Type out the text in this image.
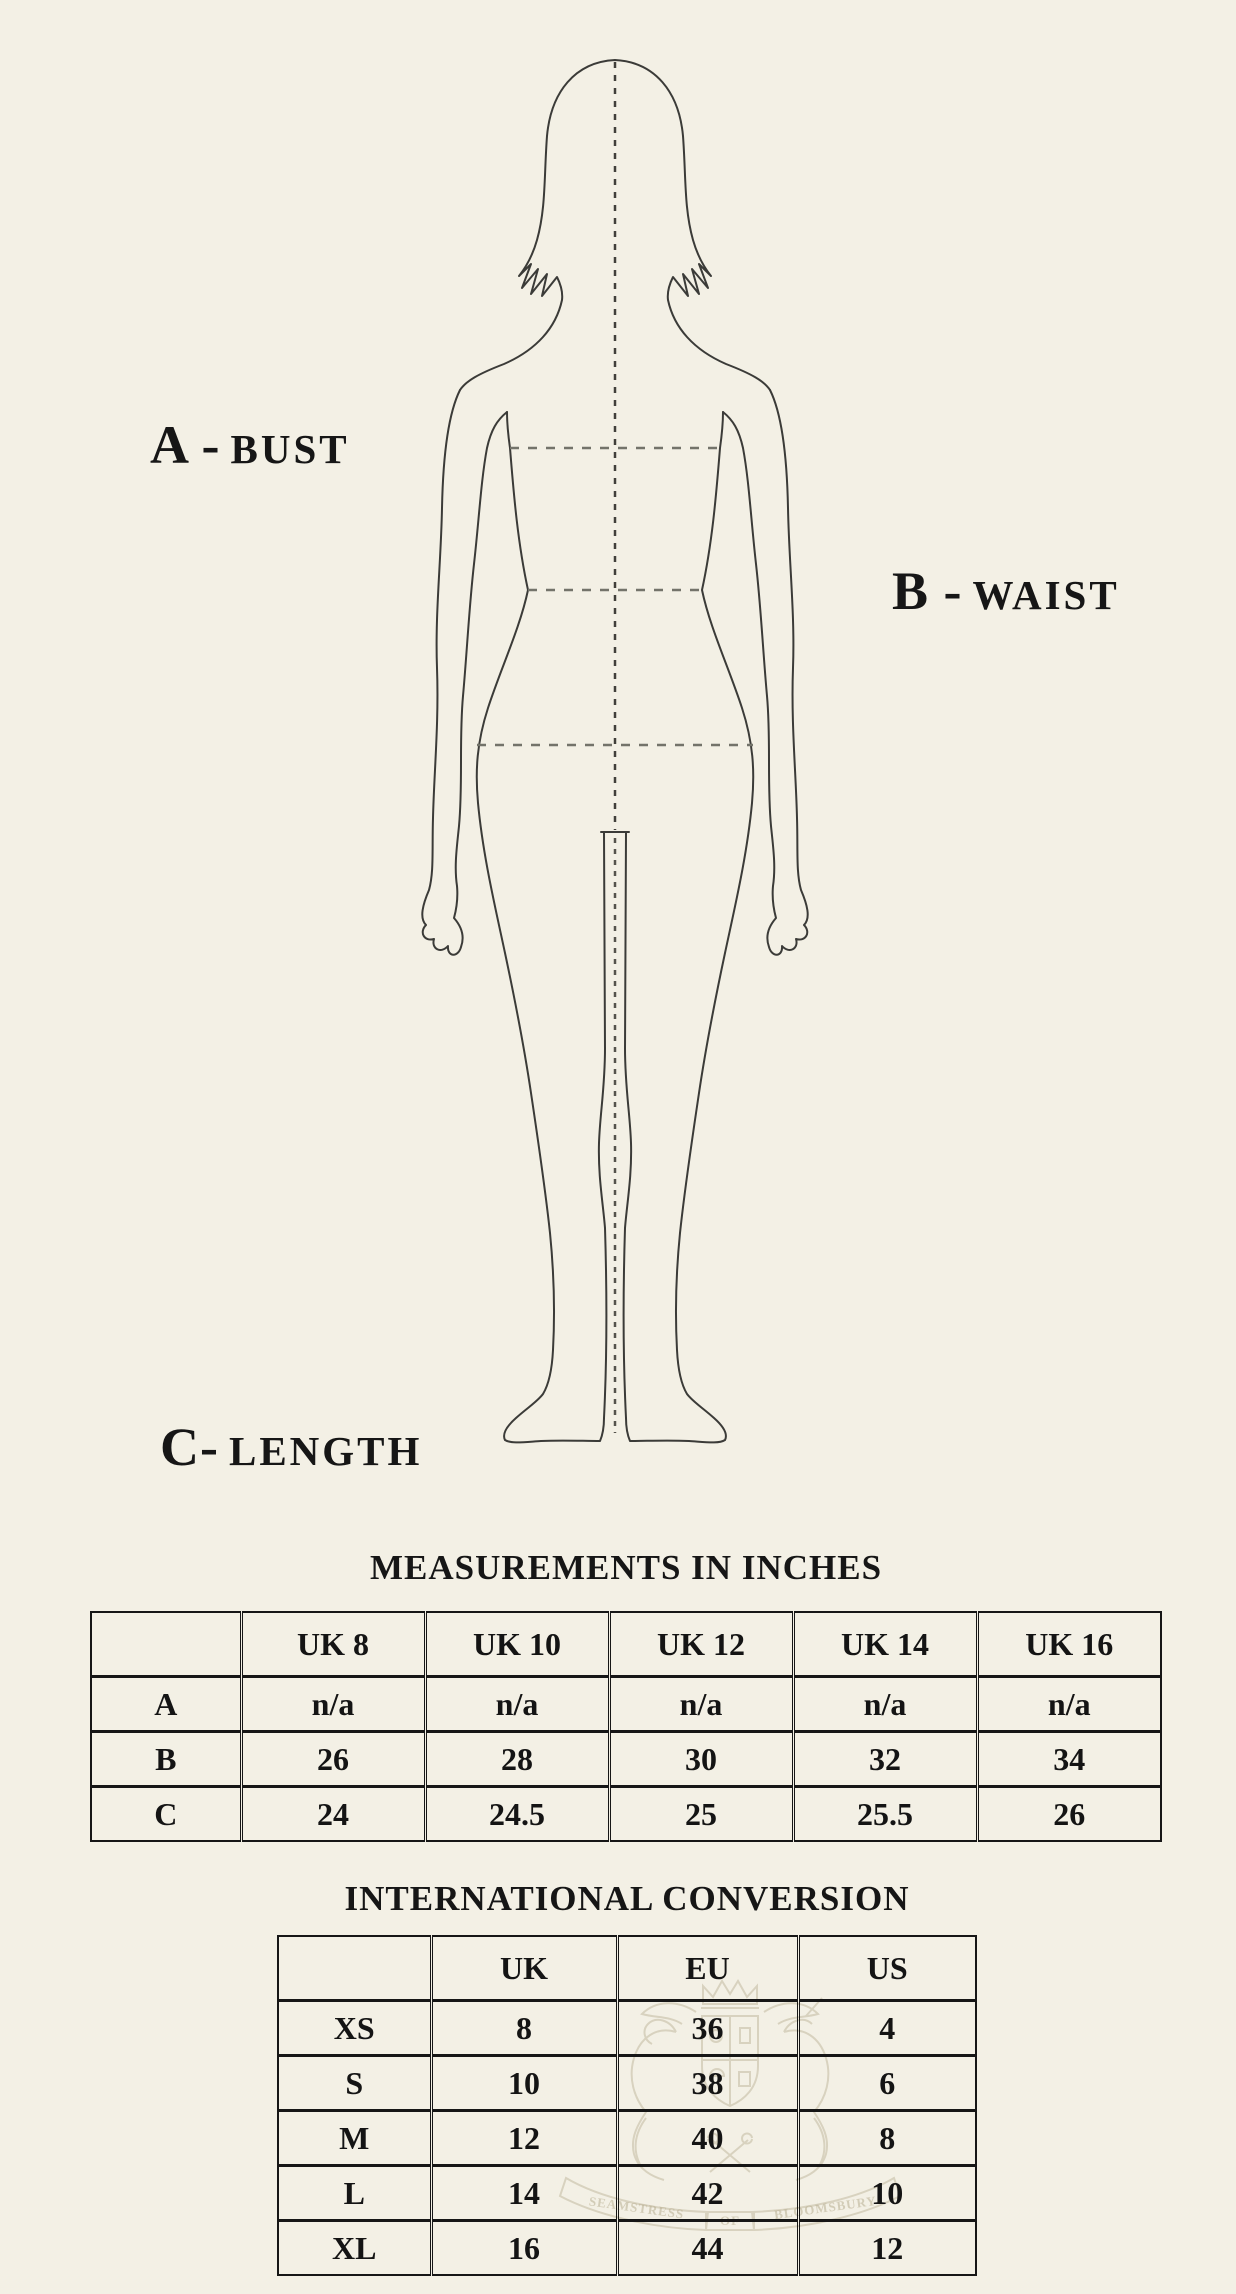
A - BUST
B - WAIST
C- LENGTH
MEASUREMENTS IN INCHES
	UK 8	UK 10	UK 12	UK 14	UK 16
A	n/a	n/a	n/a	n/a	n/a
B	26	28	30	32	34
C	24	24.5	25	25.5	26
INTERNATIONAL CONVERSION
SEAMSTRESS	OF	BLOOMSBURY
	UK	EU	US
XS	8	36	4
S	10	38	6
M	12	40	8
L	14	42	10
XL	16	44	12
